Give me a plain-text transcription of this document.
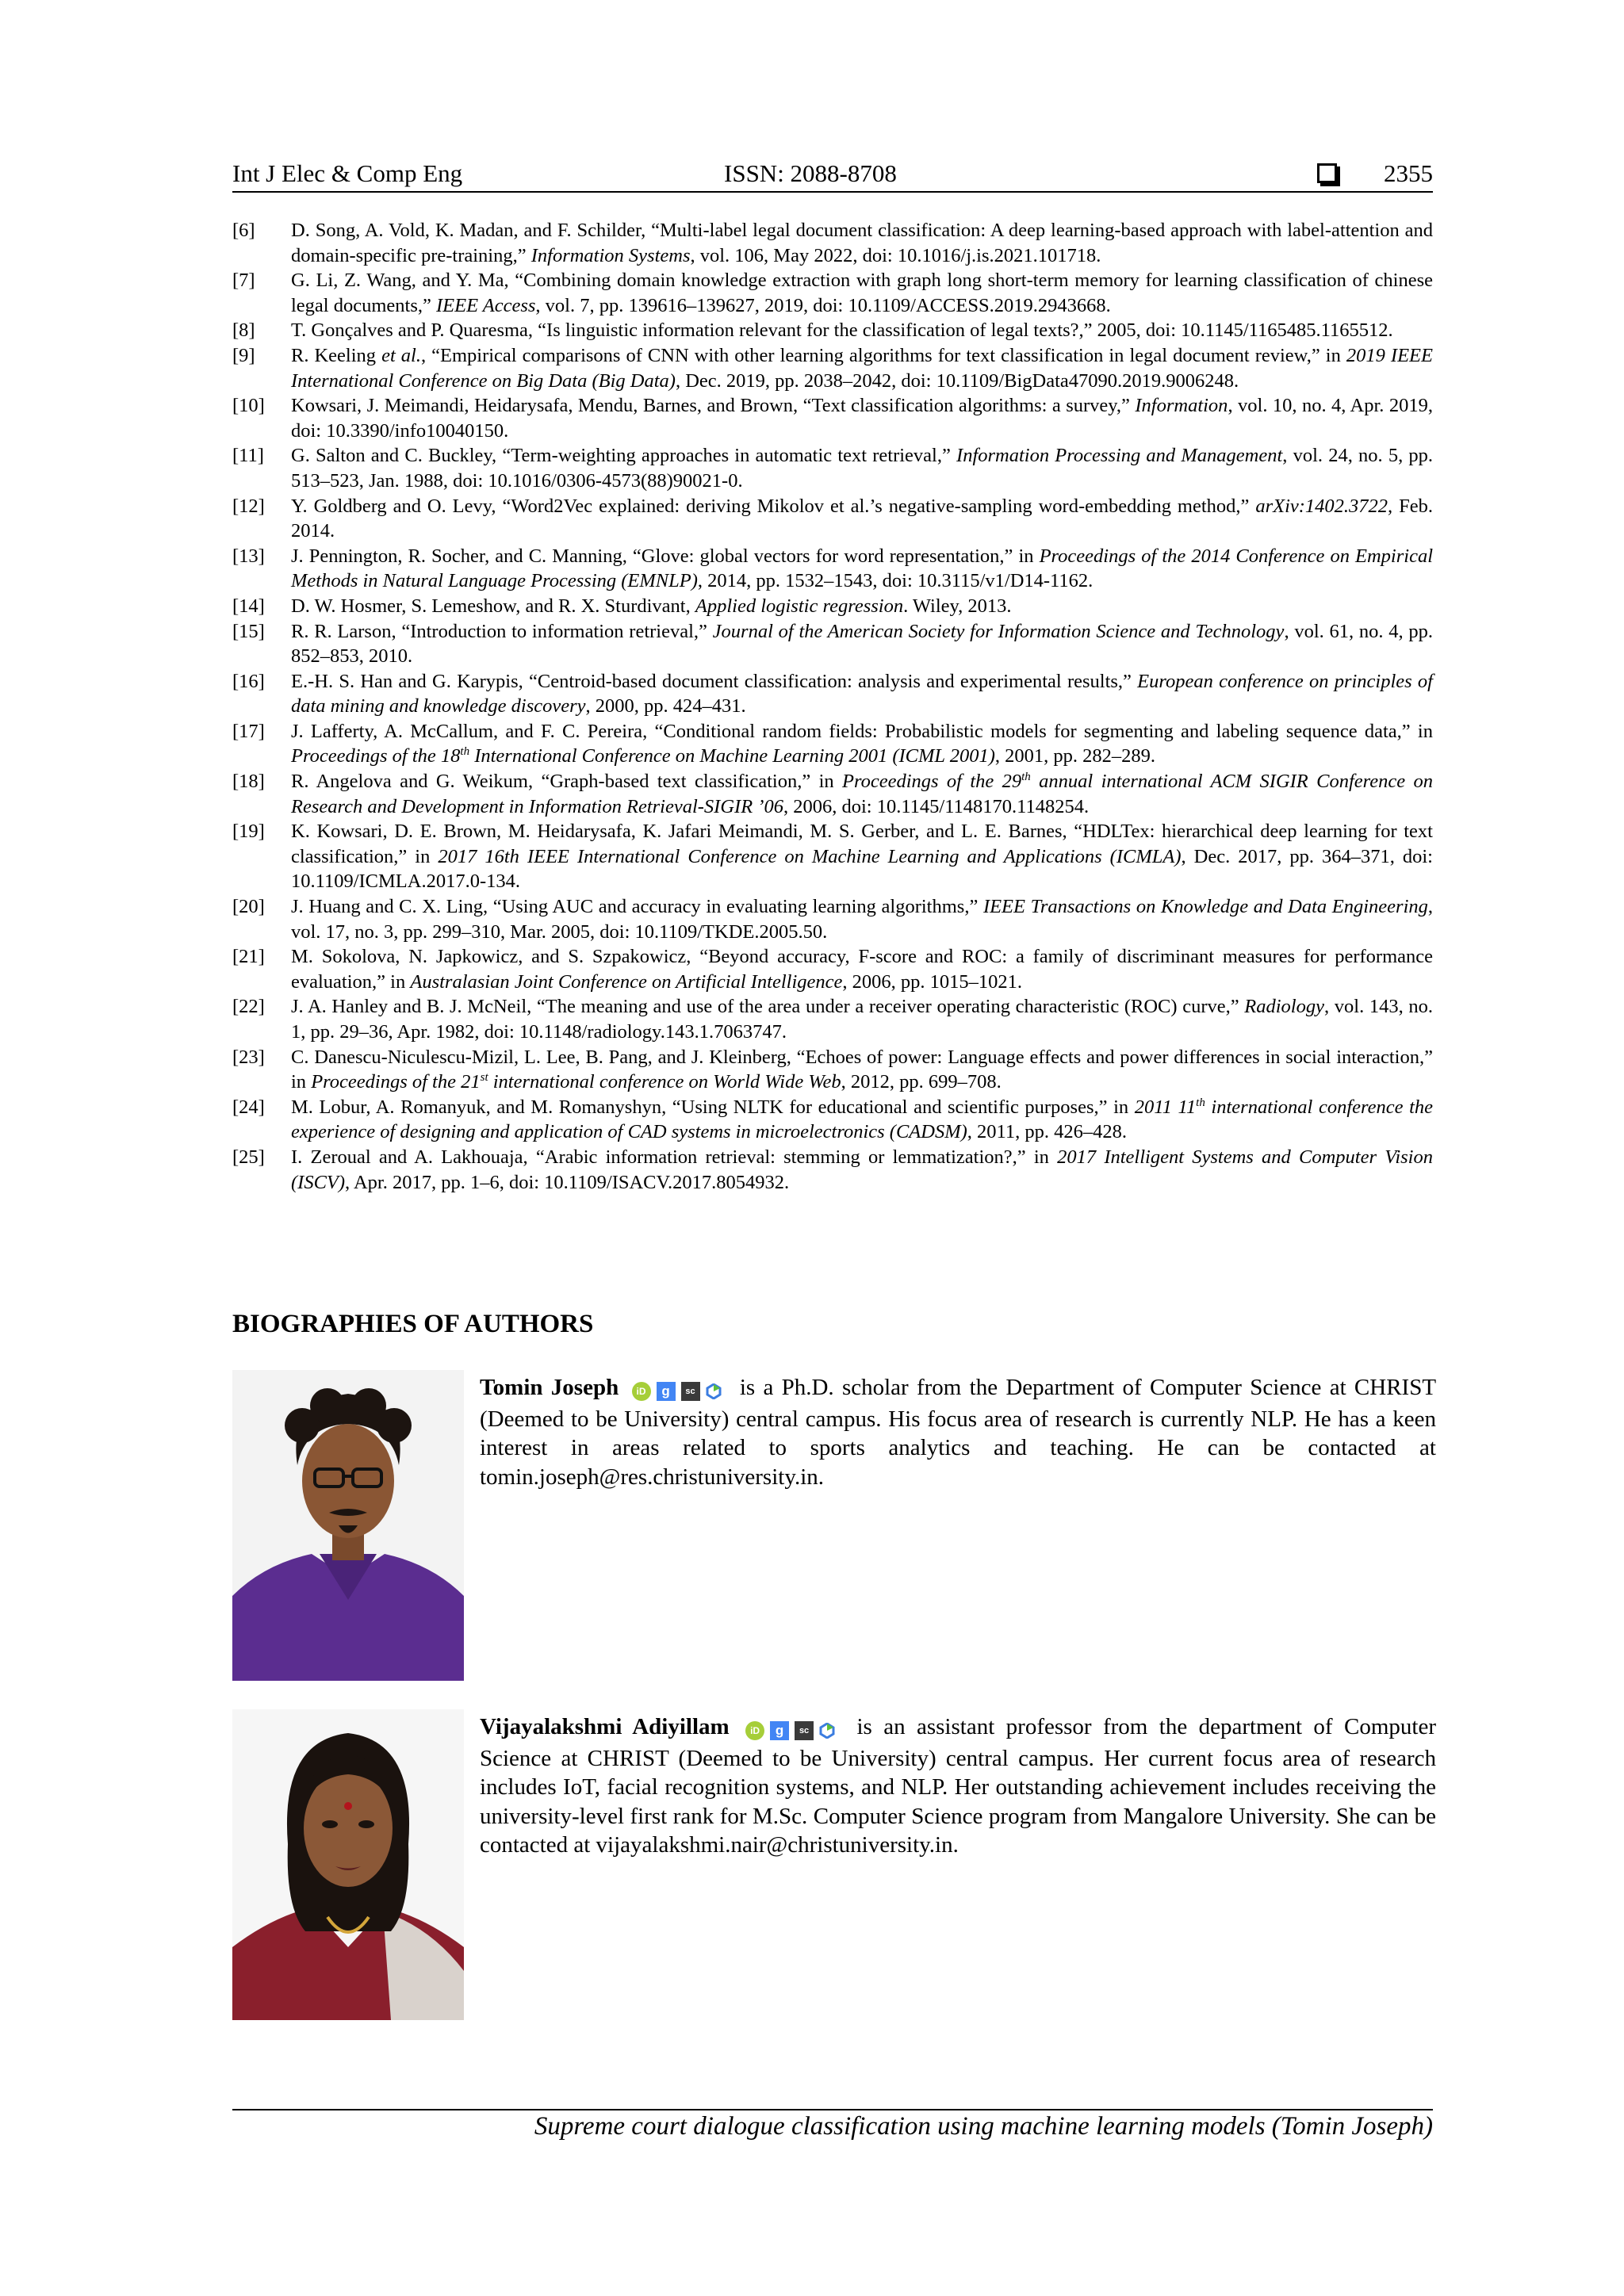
Int J Elec & Comp Eng	ISSN: 2088-8708	2355
[6] D. Song, A. Vold, K. Madan, and F. Schilder, “Multi-label legal document classification: A deep learning-based approach with label-attention and domain-specific pre-training,” Information Systems, vol. 106, May 2022, doi: 10.1016/j.is.2021.101718.
[7] G. Li, Z. Wang, and Y. Ma, “Combining domain knowledge extraction with graph long short-term memory for learning classification of chinese legal documents,” IEEE Access, vol. 7, pp. 139616–139627, 2019, doi: 10.1109/ACCESS.2019.2943668.
[8] T. Gonçalves and P. Quaresma, “Is linguistic information relevant for the classification of legal texts?,” 2005, doi: 10.1145/1165485.1165512.
[9] R. Keeling et al., “Empirical comparisons of CNN with other learning algorithms for text classification in legal document review,” in 2019 IEEE International Conference on Big Data (Big Data), Dec. 2019, pp. 2038–2042, doi: 10.1109/BigData47090.2019.9006248.
[10] Kowsari, J. Meimandi, Heidarysafa, Mendu, Barnes, and Brown, “Text classification algorithms: a survey,” Information, vol. 10, no. 4, Apr. 2019, doi: 10.3390/info10040150.
[11] G. Salton and C. Buckley, “Term-weighting approaches in automatic text retrieval,” Information Processing and Management, vol. 24, no. 5, pp. 513–523, Jan. 1988, doi: 10.1016/0306-4573(88)90021-0.
[12] Y. Goldberg and O. Levy, “Word2Vec explained: deriving Mikolov et al.’s negative-sampling word-embedding method,” arXiv:1402.3722, Feb. 2014.
[13] J. Pennington, R. Socher, and C. Manning, “Glove: global vectors for word representation,” in Proceedings of the 2014 Conference on Empirical Methods in Natural Language Processing (EMNLP), 2014, pp. 1532–1543, doi: 10.3115/v1/D14-1162.
[14] D. W. Hosmer, S. Lemeshow, and R. X. Sturdivant, Applied logistic regression. Wiley, 2013.
[15] R. R. Larson, “Introduction to information retrieval,” Journal of the American Society for Information Science and Technology, vol. 61, no. 4, pp. 852–853, 2010.
[16] E.-H. S. Han and G. Karypis, “Centroid-based document classification: analysis and experimental results,” European conference on principles of data mining and knowledge discovery, 2000, pp. 424–431.
[17] J. Lafferty, A. McCallum, and F. C. Pereira, “Conditional random fields: Probabilistic models for segmenting and labeling sequence data,” in Proceedings of the 18th International Conference on Machine Learning 2001 (ICML 2001), 2001, pp. 282–289.
[18] R. Angelova and G. Weikum, “Graph-based text classification,” in Proceedings of the 29th annual international ACM SIGIR Conference on Research and Development in Information Retrieval-SIGIR ’06, 2006, doi: 10.1145/1148170.1148254.
[19] K. Kowsari, D. E. Brown, M. Heidarysafa, K. Jafari Meimandi, M. S. Gerber, and L. E. Barnes, “HDLTex: hierarchical deep learning for text classification,” in 2017 16th IEEE International Conference on Machine Learning and Applications (ICMLA), Dec. 2017, pp. 364–371, doi: 10.1109/ICMLA.2017.0-134.
[20] J. Huang and C. X. Ling, “Using AUC and accuracy in evaluating learning algorithms,” IEEE Transactions on Knowledge and Data Engineering, vol. 17, no. 3, pp. 299–310, Mar. 2005, doi: 10.1109/TKDE.2005.50.
[21] M. Sokolova, N. Japkowicz, and S. Szpakowicz, “Beyond accuracy, F-score and ROC: a family of discriminant measures for performance evaluation,” in Australasian Joint Conference on Artificial Intelligence, 2006, pp. 1015–1021.
[22] J. A. Hanley and B. J. McNeil, “The meaning and use of the area under a receiver operating characteristic (ROC) curve,” Radiology, vol. 143, no. 1, pp. 29–36, Apr. 1982, doi: 10.1148/radiology.143.1.7063747.
[23] C. Danescu-Niculescu-Mizil, L. Lee, B. Pang, and J. Kleinberg, “Echoes of power: Language effects and power differences in social interaction,” in Proceedings of the 21st international conference on World Wide Web, 2012, pp. 699–708.
[24] M. Lobur, A. Romanyuk, and M. Romanyshyn, “Using NLTK for educational and scientific purposes,” in 2011 11th international conference the experience of designing and application of CAD systems in microelectronics (CADSM), 2011, pp. 426–428.
[25] I. Zeroual and A. Lakhouaja, “Arabic information retrieval: stemming or lemmatization?,” in 2017 Intelligent Systems and Computer Vision (ISCV), Apr. 2017, pp. 1–6, doi: 10.1109/ISACV.2017.8054932.
BIOGRAPHIES OF AUTHORS
Tomin Joseph iD g sc is a Ph.D. scholar from the Department of Computer Science at CHRIST (Deemed to be University) central campus. His focus area of research is currently NLP. He has a keen interest in areas related to sports analytics and teaching. He can be contacted at tomin.joseph@res.christuniversity.in.
Vijayalakshmi Adiyillam iD g sc is an assistant professor from the department of Computer Science at CHRIST (Deemed to be University) central campus. Her current focus area of research includes IoT, facial recognition systems, and NLP. Her outstanding achievement includes receiving the university-level first rank for M.Sc. Computer Science program from Mangalore University. She can be contacted at vijayalakshmi.nair@christuniversity.in.
Supreme court dialogue classification using machine learning models (Tomin Joseph)
